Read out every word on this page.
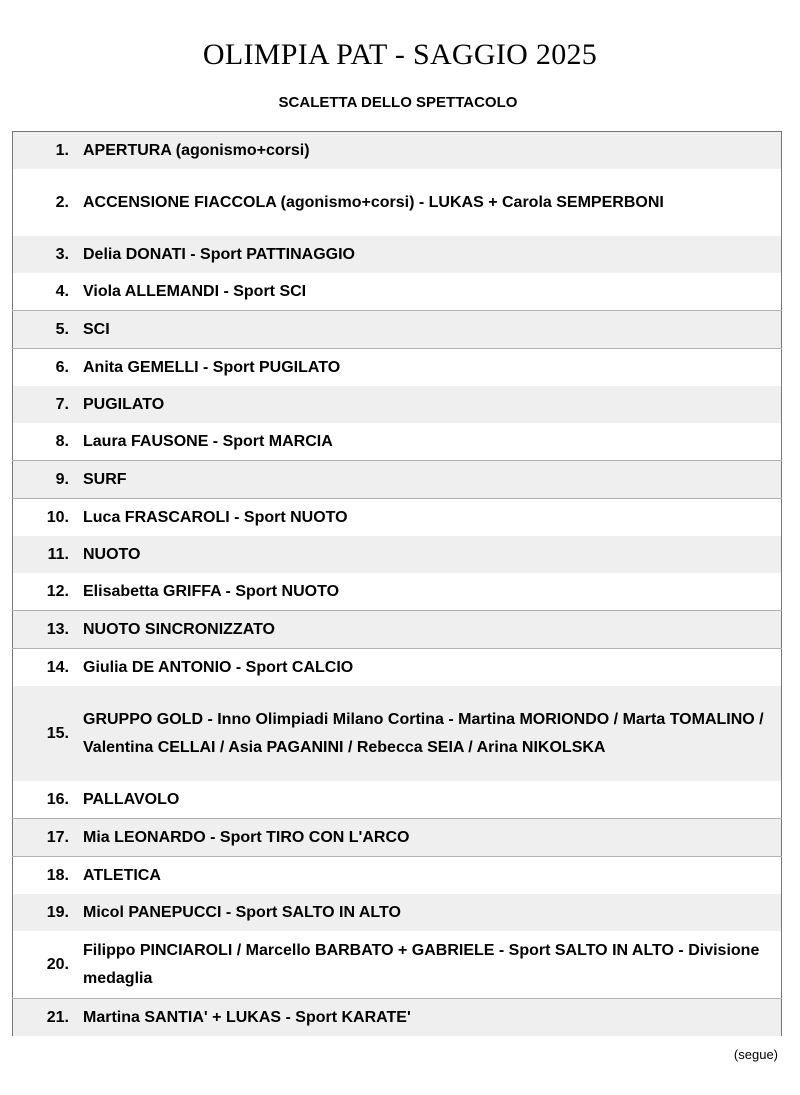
OLIMPIA PAT - SAGGIO 2025
SCALETTA DELLO SPETTACOLO
1.	APERTURA (agonismo+corsi)
2.	ACCENSIONE FIACCOLA (agonismo+corsi) - LUKAS + Carola SEMPERBONI
3.	Delia DONATI - Sport PATTINAGGIO
4.	Viola ALLEMANDI - Sport SCI
5.	SCI
6.	Anita GEMELLI - Sport PUGILATO
7.	PUGILATO
8.	Laura FAUSONE - Sport MARCIA
9.	SURF
10.	Luca FRASCAROLI - Sport NUOTO
11.	NUOTO
12.	Elisabetta GRIFFA - Sport NUOTO
13.	NUOTO SINCRONIZZATO
14.	Giulia DE ANTONIO - Sport CALCIO
15.	GRUPPO GOLD - Inno Olimpiadi Milano Cortina - Martina MORIONDO / Marta TOMALINO / Valentina CELLAI / Asia PAGANINI / Rebecca SEIA / Arina NIKOLSKA
16.	PALLAVOLO
17.	Mia LEONARDO - Sport TIRO CON L'ARCO
18.	ATLETICA
19.	Micol PANEPUCCI - Sport SALTO IN ALTO
20.	Filippo PINCIAROLI / Marcello BARBATO + GABRIELE - Sport SALTO IN ALTO - Divisione medaglia
21.	Martina SANTIA' + LUKAS - Sport KARATE'
(segue)
